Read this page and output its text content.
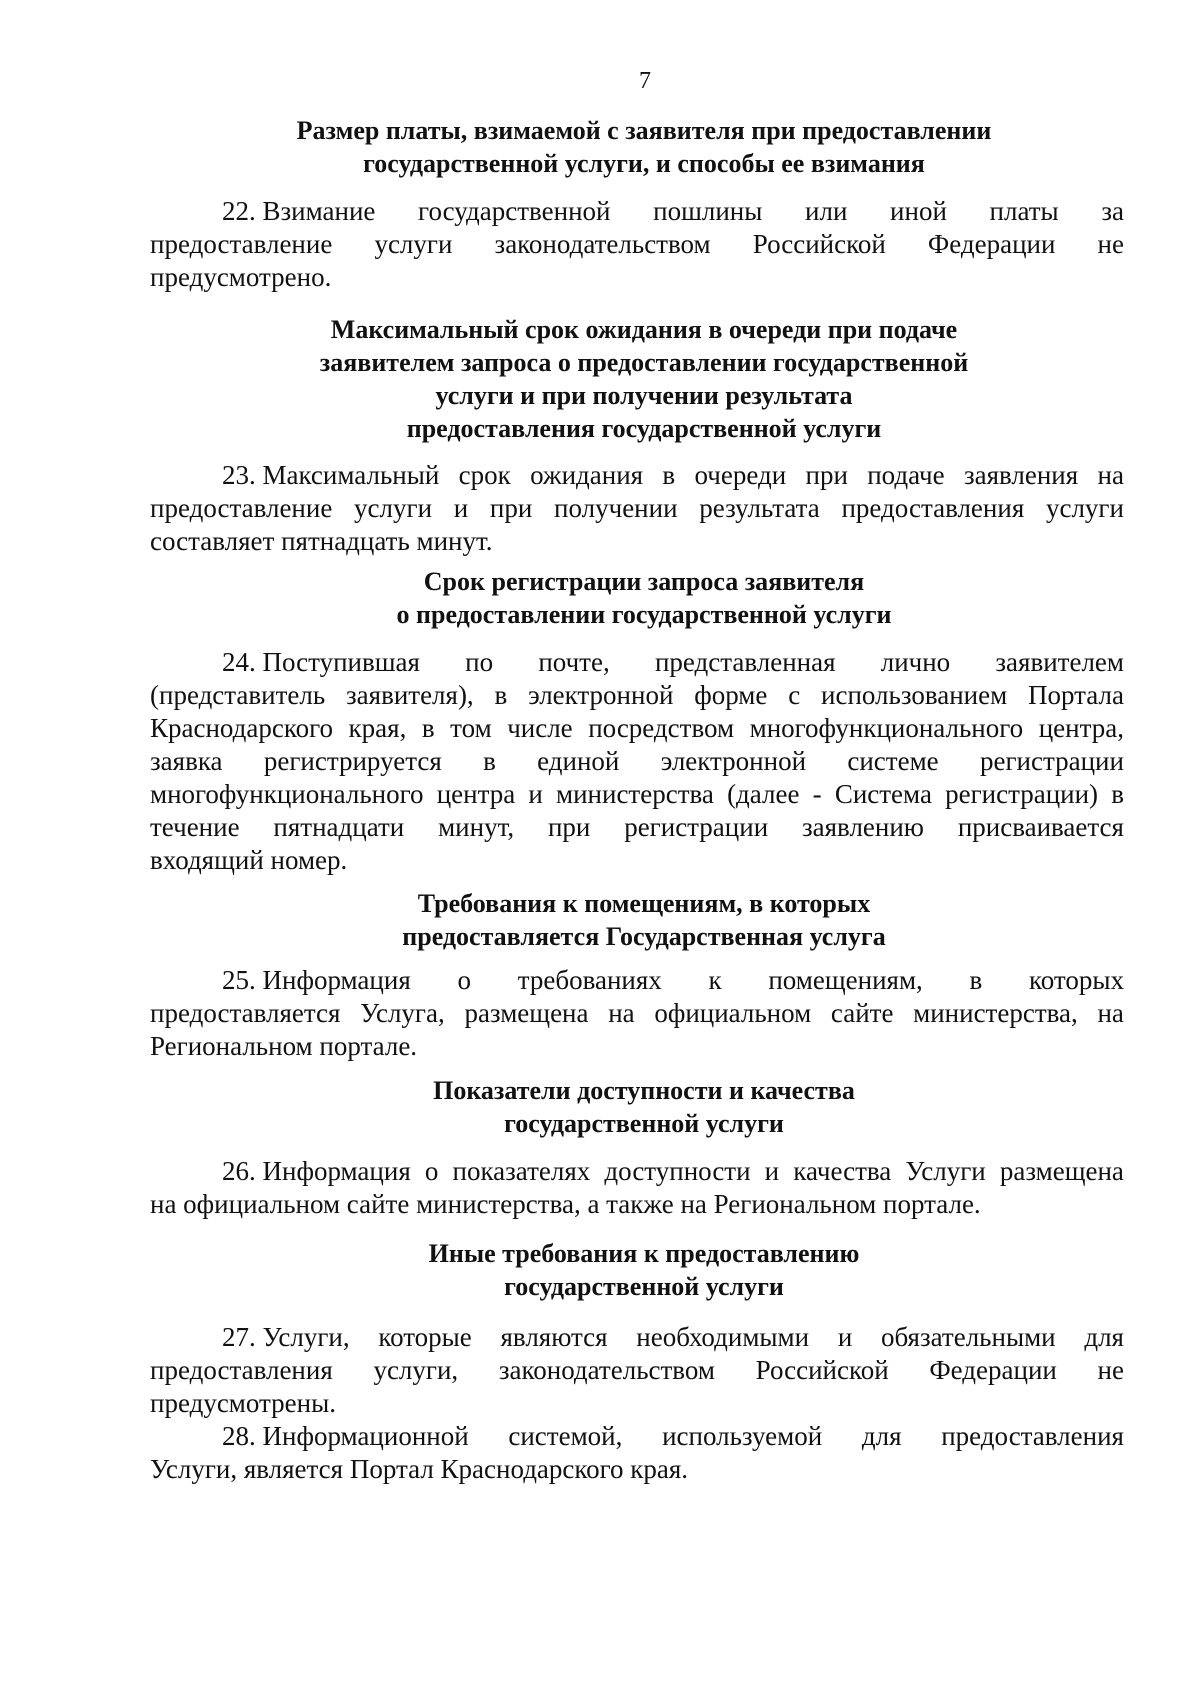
7
Размер платы, взимаемой с заявителя при предоставлении
государственной услуги, и способы ее взимания
22. Взимание государственной пошлины или иной платы за
предоставление услуги законодательством Российской Федерации не
предусмотрено.
Максимальный срок ожидания в очереди при подаче
заявителем запроса о предоставлении государственной
услуги и при получении результата
предоставления государственной услуги
23. Максимальный срок ожидания в очереди при подаче заявления на
предоставление услуги и при получении результата предоставления услуги
составляет пятнадцать минут.
Срок регистрации запроса заявителя
о предоставлении государственной услуги
24. Поступившая по почте, представленная лично заявителем
(представитель заявителя), в электронной форме с использованием Портала
Краснодарского края, в том числе посредством многофункционального центра,
заявка регистрируется в единой электронной системе регистрации
многофункционального центра и министерства (далее - Система регистрации) в
течение пятнадцати минут, при регистрации заявлению присваивается
входящий номер.
Требования к помещениям, в которых
предоставляется Государственная услуга
25. Информация о требованиях к помещениям, в которых
предоставляется Услуга, размещена на официальном сайте министерства, на
Региональном портале.
Показатели доступности и качества
государственной услуги
26. Информация о показателях доступности и качества Услуги размещена
на официальном сайте министерства, а также на Региональном портале.
Иные требования к предоставлению
государственной услуги
27. Услуги, которые являются необходимыми и обязательными для
предоставления услуги, законодательством Российской Федерации не
предусмотрены.
28. Информационной системой, используемой для предоставления
Услуги, является Портал Краснодарского края.
